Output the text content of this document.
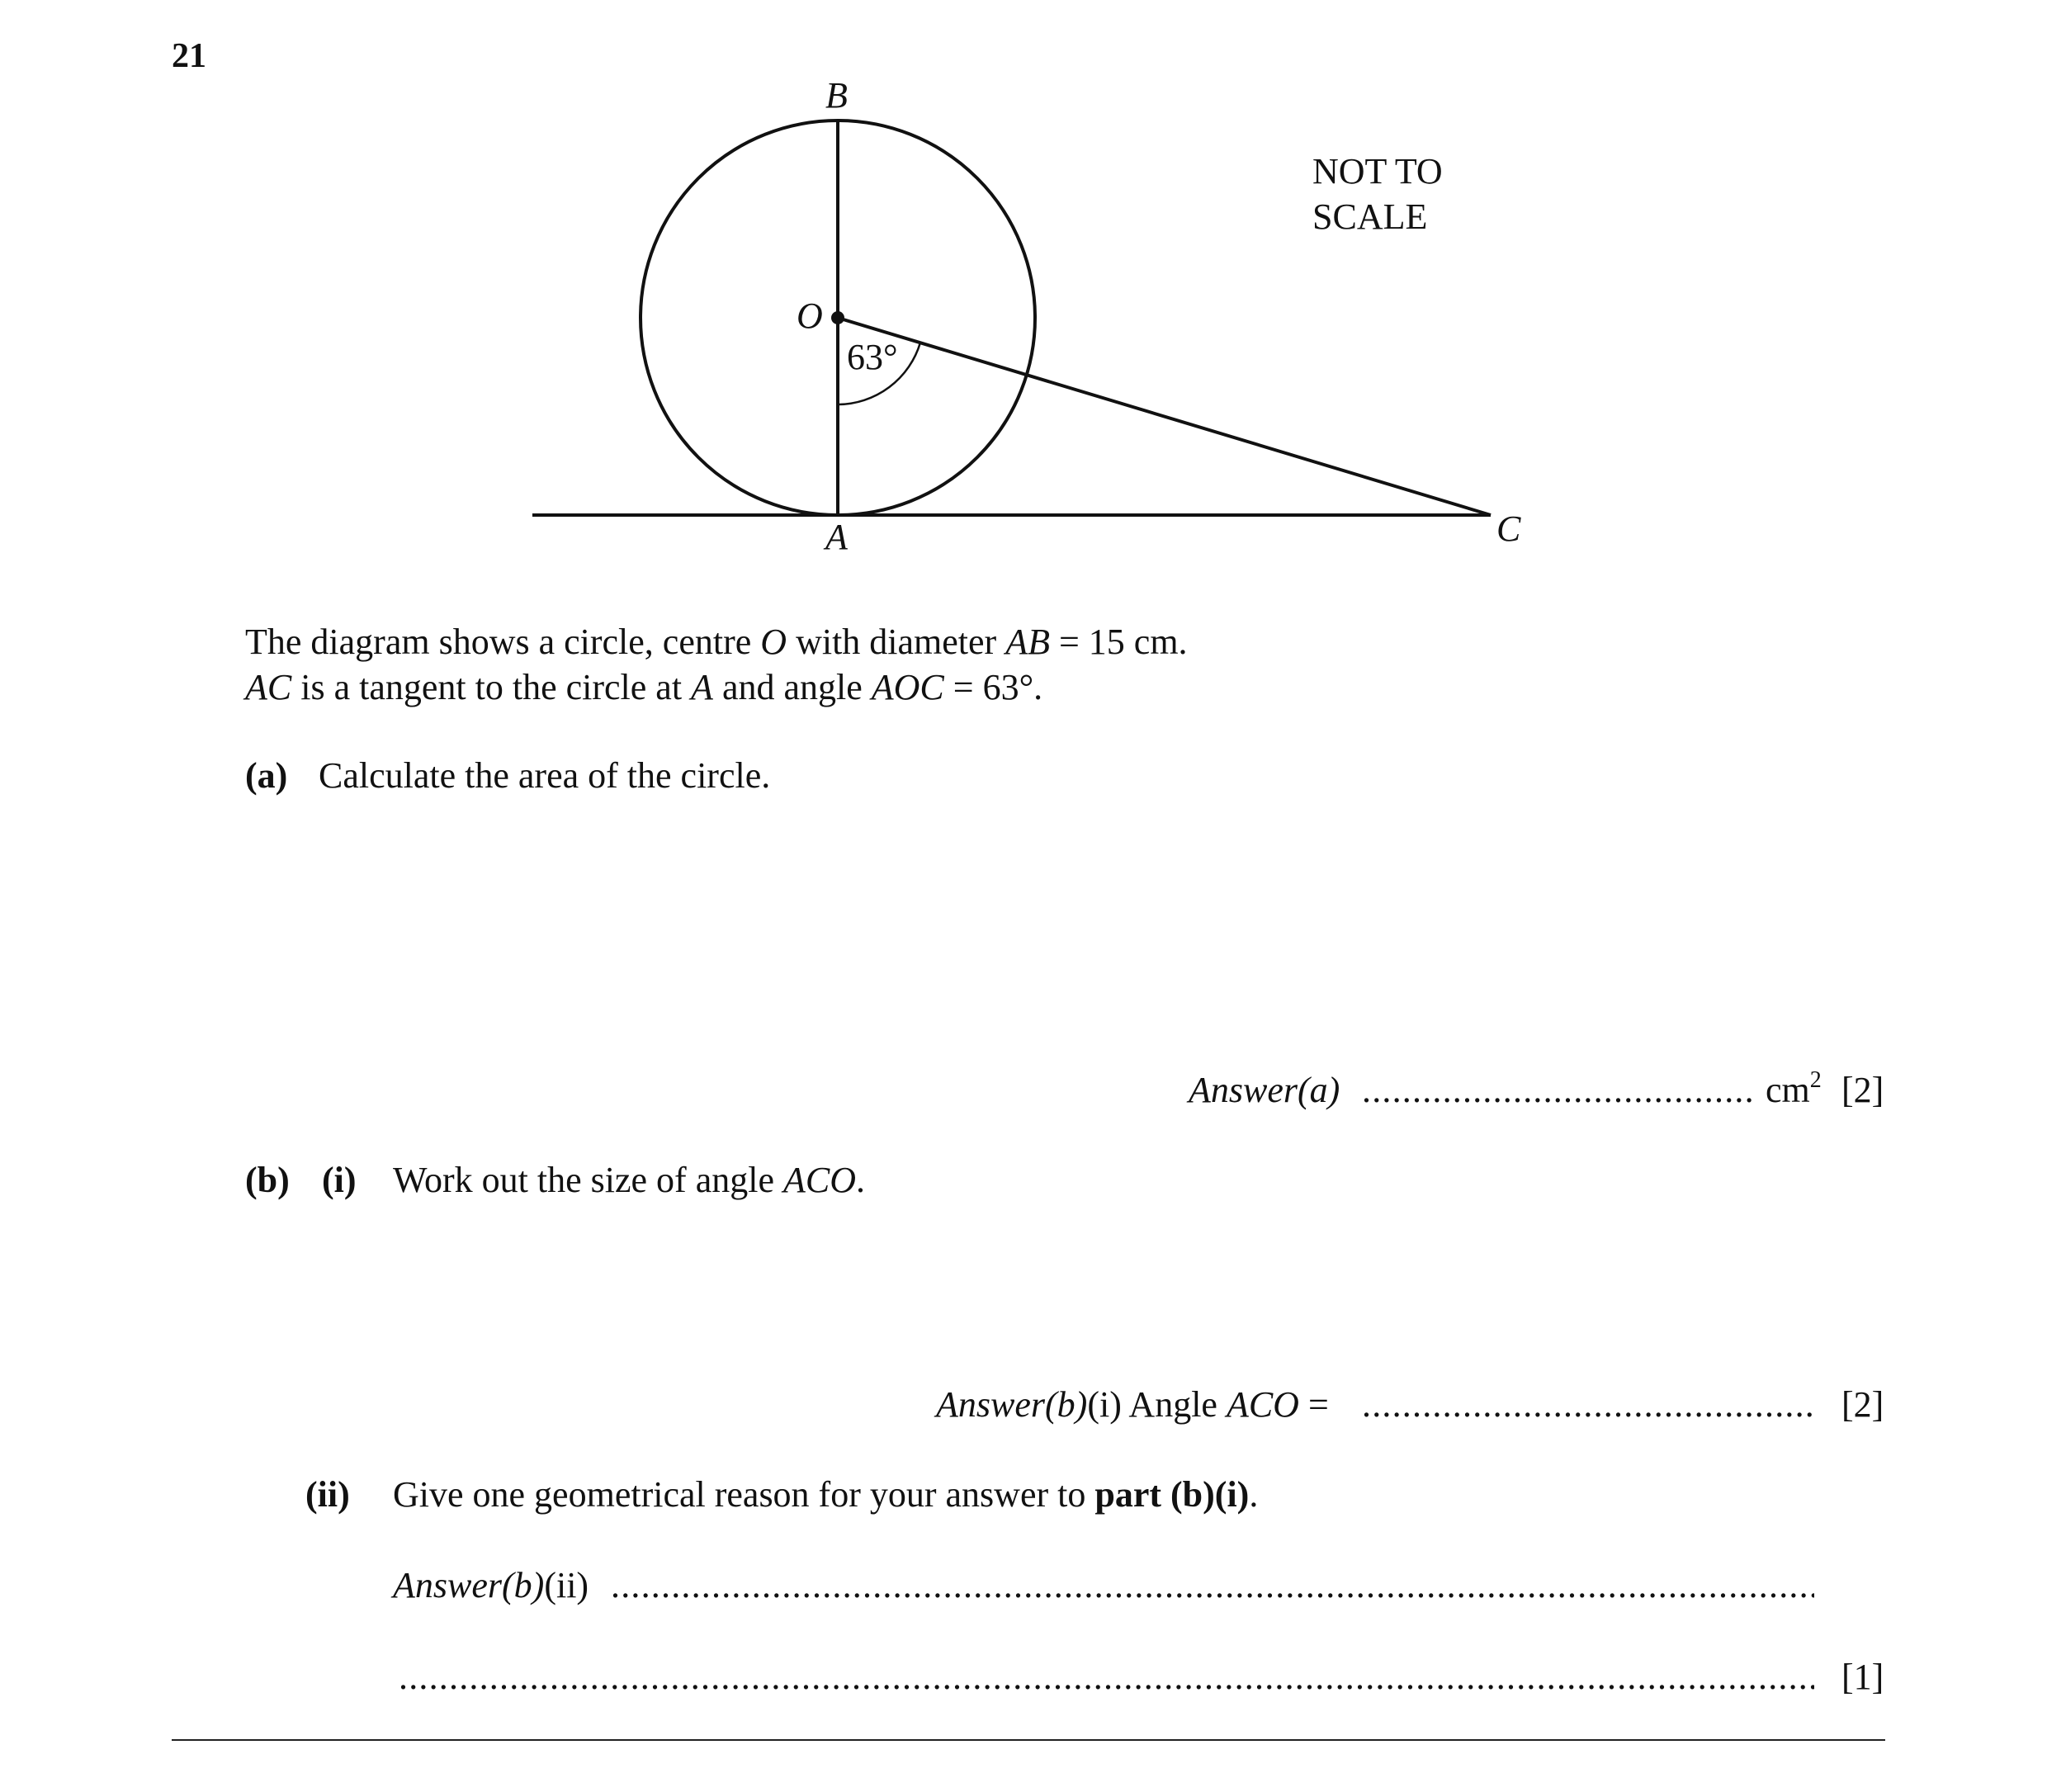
21
B
O
A	C
63°
NOT TO
SCALE
The diagram shows a circle, centre O with diameter AB = 15 cm.
AC is a tangent to the circle at A and angle AOC = 63°.
(a) Calculate the area of the circle.
Answer(a) .....	$cm^2$ [2]
(b) (i) Work out the size of angle ACO.
Answer(b)(i) Angle ACO = .....	[2]
(ii) Give one geometrical reason for your answer to part (b)(i).
Answer(b)(ii)
.....
.....
[1]
